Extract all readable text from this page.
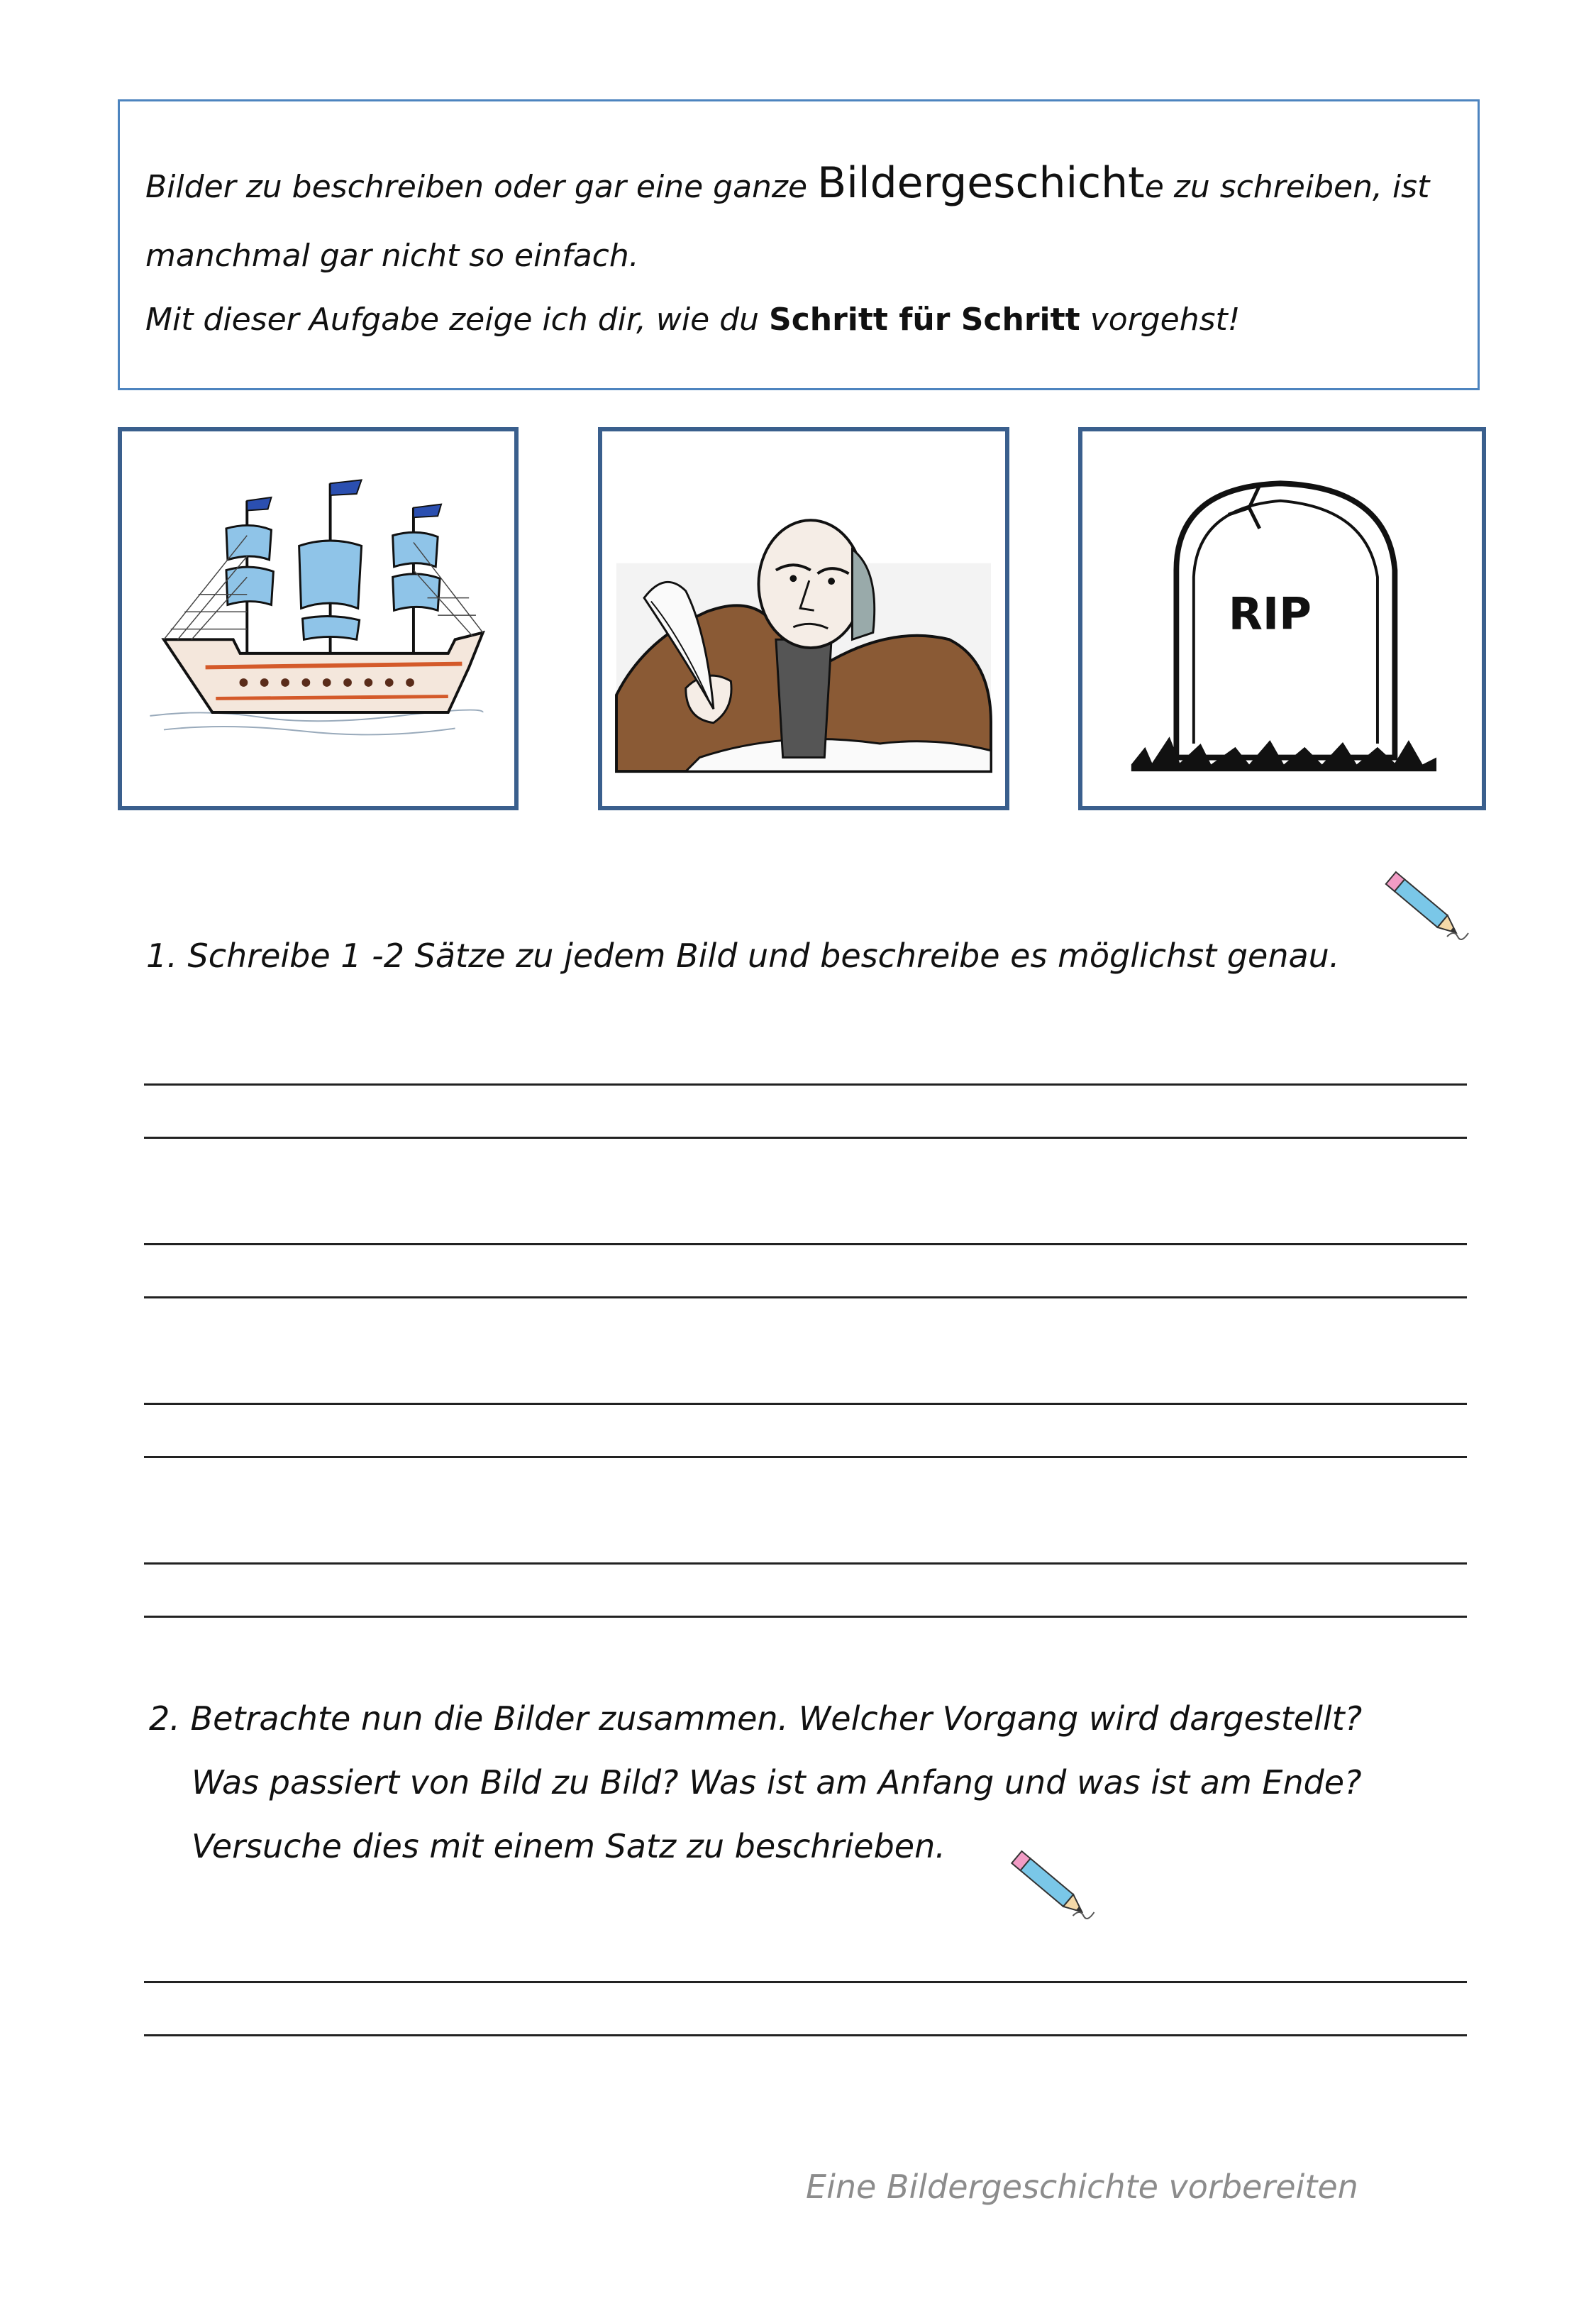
Bilder zu beschreiben oder gar eine ganze Bildergeschichte zu schreiben, ist
manchmal gar nicht so einfach.
Mit dieser Aufgabe zeige ich dir, wie du Schritt für Schritt vorgehst!
RIP
1. Schreibe 1 -2 Sätze zu jedem Bild und beschreibe es möglichst genau.
2. Betrachte nun die Bilder zusammen. Welcher Vorgang wird dargestellt?
Was passiert von Bild zu Bild? Was ist am Anfang und was ist am Ende?
Versuche dies mit einem Satz zu beschrieben.
Eine Bildergeschichte vorbereiten
